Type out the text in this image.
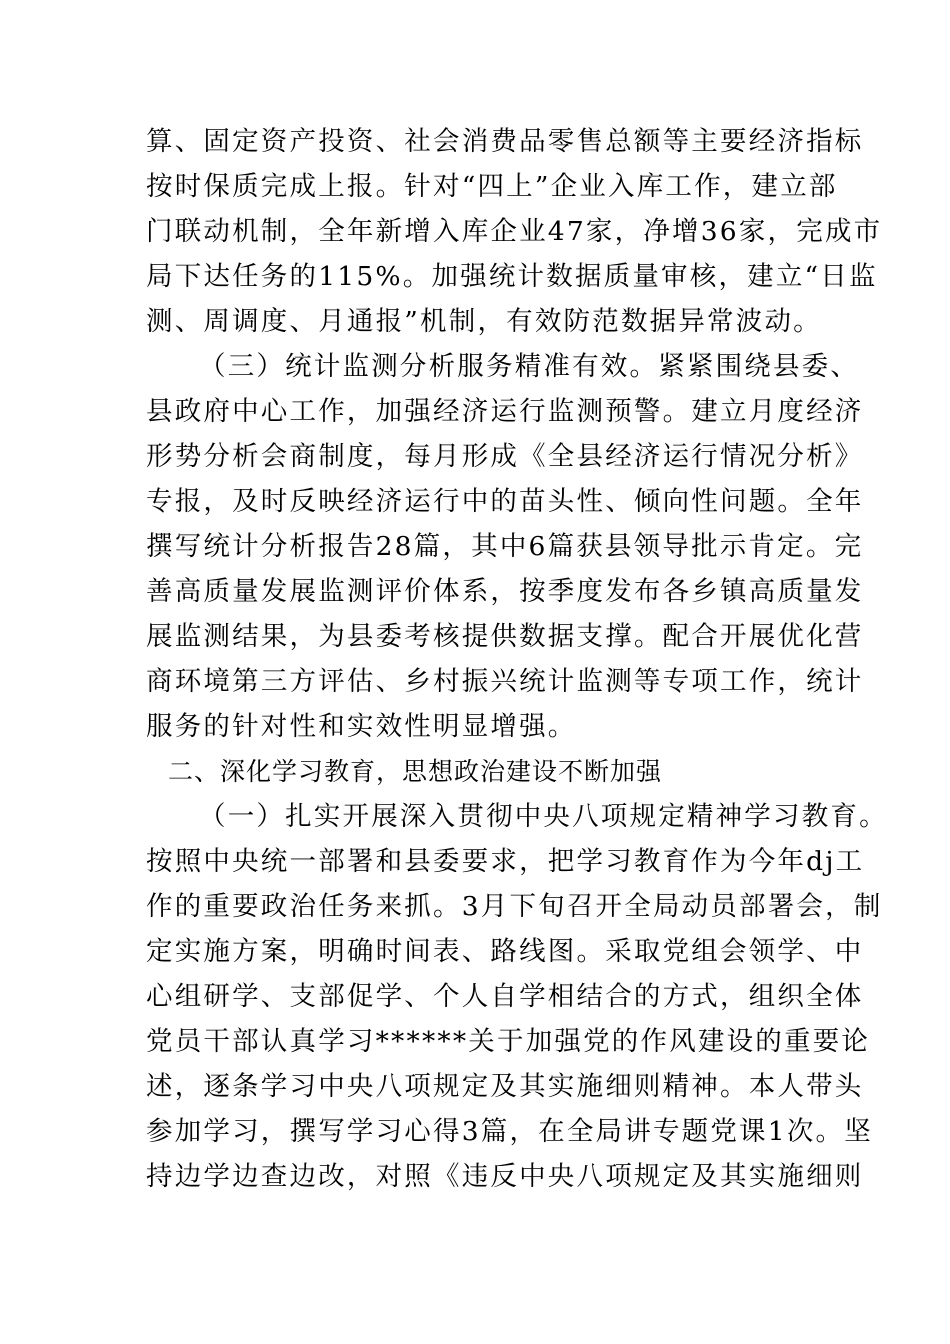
算、固定资产投资、社会消费品零售总额等主要经济指标
按时保质完成上报。针对“四上”企业入库工作，建立部
门联动机制，全年新增入库企业47家，净增36家，完成市
局下达任务的115%。加强统计数据质量审核，建立“日监
测、周调度、月通报”机制，有效防范数据异常波动。
（三）统计监测分析服务精准有效。紧紧围绕县委、
县政府中心工作，加强经济运行监测预警。建立月度经济
形势分析会商制度，每月形成《全县经济运行情况分析》
专报，及时反映经济运行中的苗头性、倾向性问题。全年
撰写统计分析报告28篇，其中6篇获县领导批示肯定。完
善高质量发展监测评价体系，按季度发布各乡镇高质量发
展监测结果，为县委考核提供数据支撑。配合开展优化营
商环境第三方评估、乡村振兴统计监测等专项工作，统计
服务的针对性和实效性明显增强。
二、深化学习教育，思想政治建设不断加强
（一）扎实开展深入贯彻中央八项规定精神学习教育。
按照中央统一部署和县委要求，把学习教育作为今年dj工
作的重要政治任务来抓。3月下旬召开全局动员部署会，制
定实施方案，明确时间表、路线图。采取党组会领学、中
心组研学、支部促学、个人自学相结合的方式，组织全体
党员干部认真学习******关于加强党的作风建设的重要论
述，逐条学习中央八项规定及其实施细则精神。本人带头
参加学习，撰写学习心得3篇，在全局讲专题党课1次。坚
持边学边查边改，对照《违反中央八项规定及其实施细则
